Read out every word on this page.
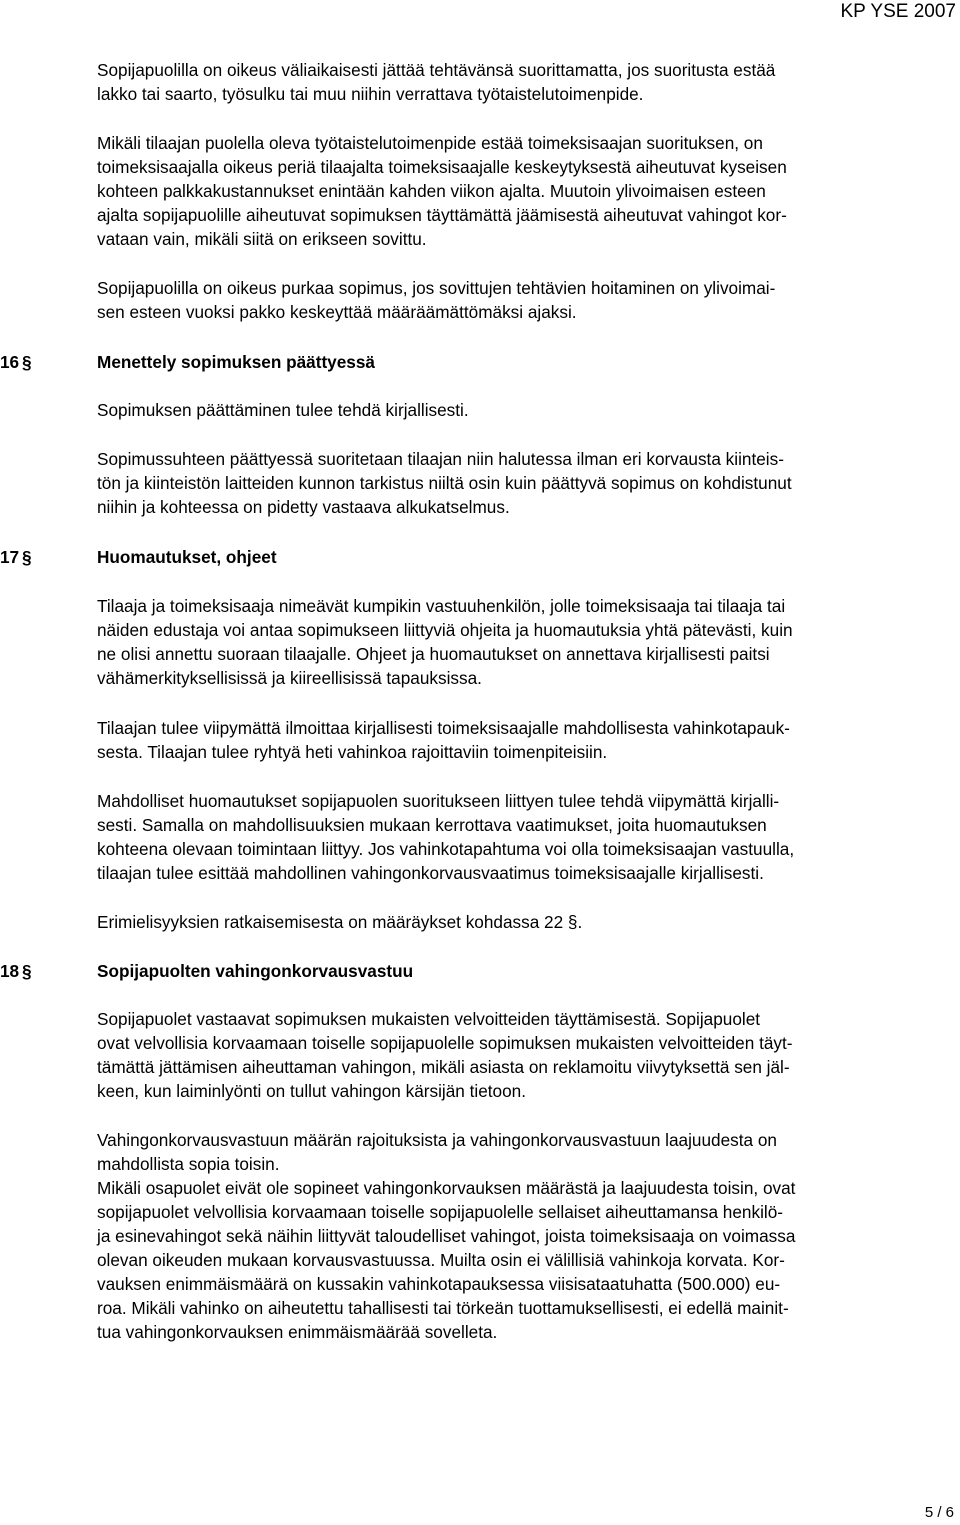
KP YSE 2007
Sopijapuolilla on oikeus väliaikaisesti jättää tehtävänsä suorittamatta, jos suoritusta estää
lakko tai saarto, työsulku tai muu niihin verrattava työtaistelutoimenpide.
Mikäli tilaajan puolella oleva työtaistelutoimenpide estää toimeksisaajan suorituksen, on
toimeksisaajalla oikeus periä tilaajalta toimeksisaajalle keskeytyksestä aiheutuvat kyseisen
kohteen palkkakustannukset enintään kahden viikon ajalta. Muutoin ylivoimaisen esteen
ajalta sopijapuolille aiheutuvat sopimuksen täyttämättä jäämisestä aiheutuvat vahingot kor-
vataan vain, mikäli siitä on erikseen sovittu.
Sopijapuolilla on oikeus purkaa sopimus, jos sovittujen tehtävien hoitaminen on ylivoimai-
sen esteen vuoksi pakko keskeyttää määräämättömäksi ajaksi.
16 §	Menettely sopimuksen päättyessä
Sopimuksen päättäminen tulee tehdä kirjallisesti.
Sopimussuhteen päättyessä suoritetaan tilaajan niin halutessa ilman eri korvausta kiinteis-
tön ja kiinteistön laitteiden kunnon tarkistus niiltä osin kuin päättyvä sopimus on kohdistunut
niihin ja kohteessa on pidetty vastaava alkukatselmus.
17 §	Huomautukset, ohjeet
Tilaaja ja toimeksisaaja nimeävät kumpikin vastuuhenkilön, jolle toimeksisaaja tai tilaaja tai
näiden edustaja voi antaa sopimukseen liittyviä ohjeita ja huomautuksia yhtä pätevästi, kuin
ne olisi annettu suoraan tilaajalle. Ohjeet ja huomautukset on annettava kirjallisesti paitsi
vähämerkityksellisissä ja kiireellisissä tapauksissa.
Tilaajan tulee viipymättä ilmoittaa kirjallisesti toimeksisaajalle mahdollisesta vahinkotapauk-
sesta. Tilaajan tulee ryhtyä heti vahinkoa rajoittaviin toimenpiteisiin.
Mahdolliset huomautukset sopijapuolen suoritukseen liittyen tulee tehdä viipymättä kirjalli-
sesti. Samalla on mahdollisuuksien mukaan kerrottava vaatimukset, joita huomautuksen
kohteena olevaan toimintaan liittyy. Jos vahinkotapahtuma voi olla toimeksisaajan vastuulla,
tilaajan tulee esittää mahdollinen vahingonkorvausvaatimus toimeksisaajalle kirjallisesti.
Erimielisyyksien ratkaisemisesta on määräykset kohdassa 22 §.
18 §	Sopijapuolten vahingonkorvausvastuu
Sopijapuolet vastaavat sopimuksen mukaisten velvoitteiden täyttämisestä. Sopijapuolet
ovat velvollisia korvaamaan toiselle sopijapuolelle sopimuksen mukaisten velvoitteiden täyt-
tämättä jättämisen aiheuttaman vahingon, mikäli asiasta on reklamoitu viivytyksettä sen jäl-
keen, kun laiminlyönti on tullut vahingon kärsijän tietoon.
Vahingonkorvausvastuun määrän rajoituksista ja vahingonkorvausvastuun laajuudesta on
mahdollista sopia toisin.
Mikäli osapuolet eivät ole sopineet vahingonkorvauksen määrästä ja laajuudesta toisin, ovat
sopijapuolet velvollisia korvaamaan toiselle sopijapuolelle sellaiset aiheuttamansa henkilö-
ja esinevahingot sekä näihin liittyvät taloudelliset vahingot, joista toimeksisaaja on voimassa
olevan oikeuden mukaan korvausvastuussa. Muilta osin ei välillisiä vahinkoja korvata. Kor-
vauksen enimmäismäärä on kussakin vahinkotapauksessa viisisataatuhatta (500.000) eu-
roa. Mikäli vahinko on aiheutettu tahallisesti tai törkeän tuottamuksellisesti, ei edellä mainit-
tua vahingonkorvauksen enimmäismäärää sovelleta.
5 / 6
